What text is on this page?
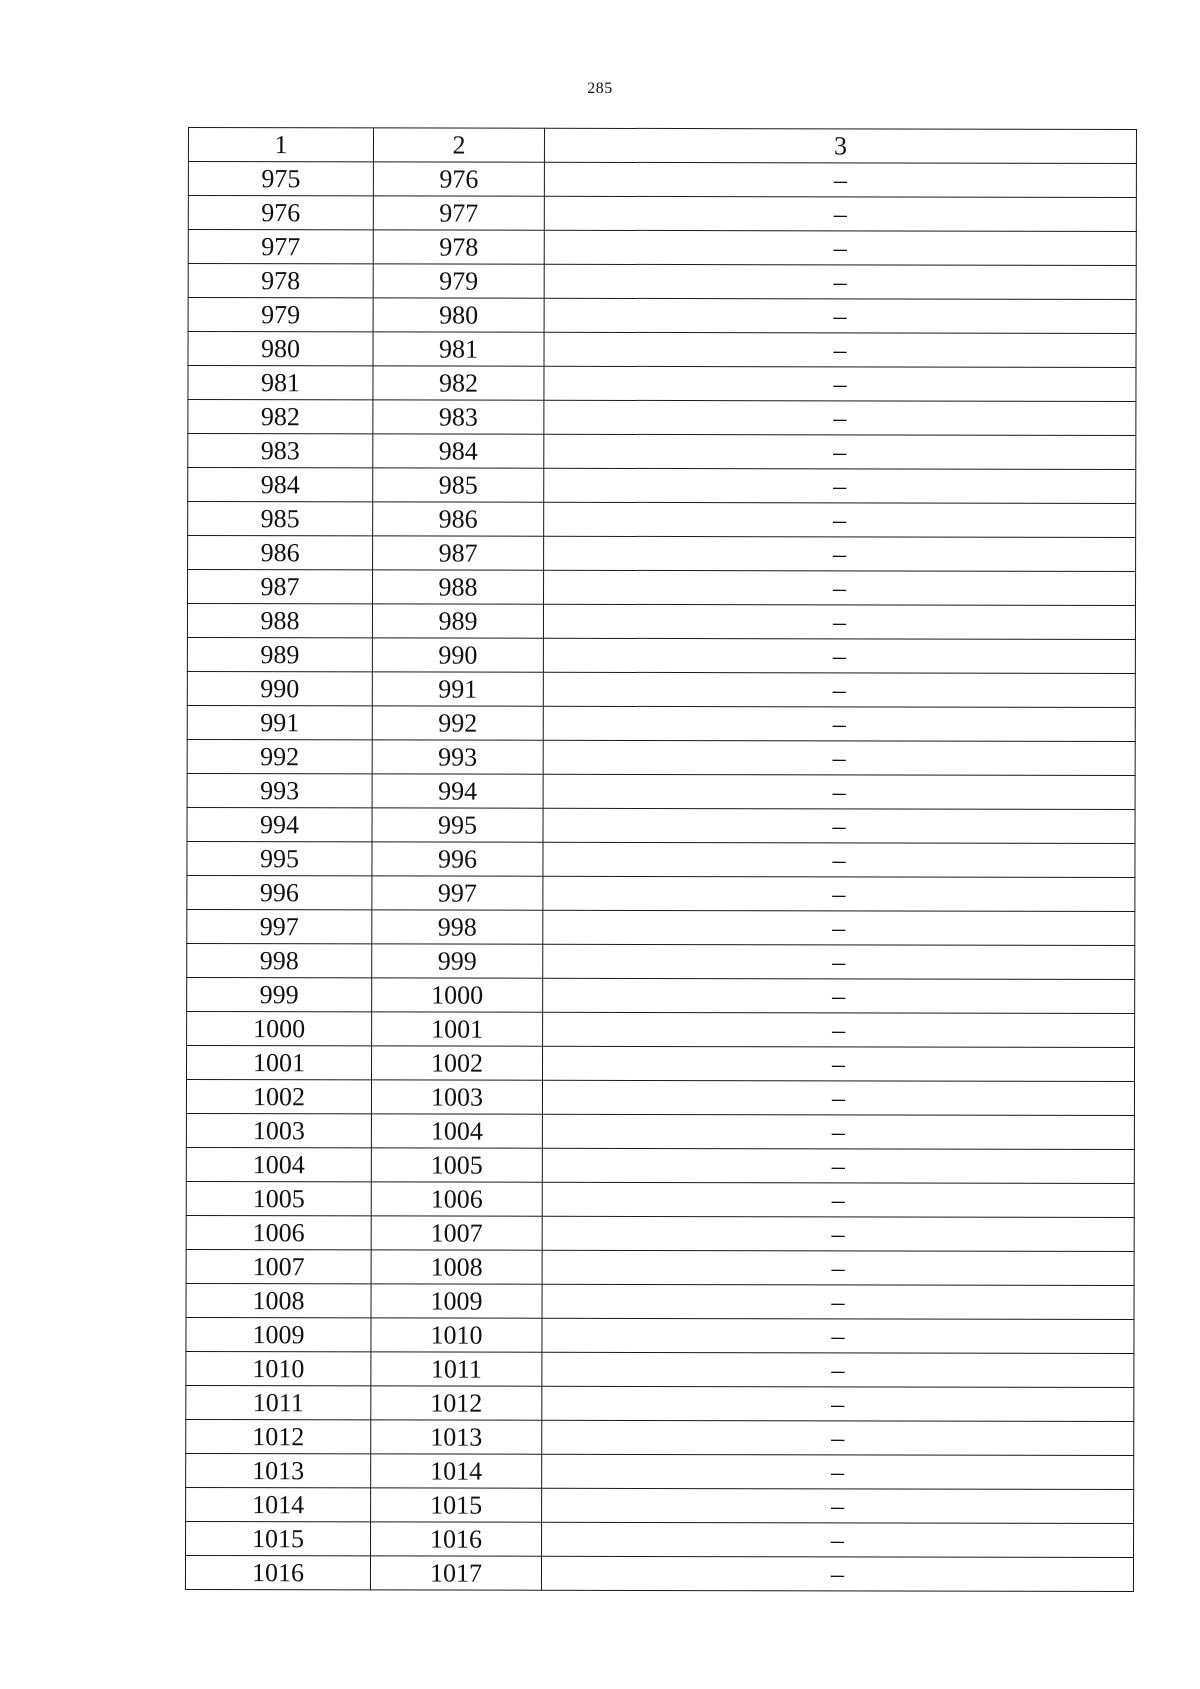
285
1	2	3
975	976	–
976	977	–
977	978	–
978	979	–
979	980	–
980	981	–
981	982	–
982	983	–
983	984	–
984	985	–
985	986	–
986	987	–
987	988	–
988	989	–
989	990	–
990	991	–
991	992	–
992	993	–
993	994	–
994	995	–
995	996	–
996	997	–
997	998	–
998	999	–
999	1000	–
1000	1001	–
1001	1002	–
1002	1003	–
1003	1004	–
1004	1005	–
1005	1006	–
1006	1007	–
1007	1008	–
1008	1009	–
1009	1010	–
1010	1011	–
1011	1012	–
1012	1013	–
1013	1014	–
1014	1015	–
1015	1016	–
1016	1017	–
